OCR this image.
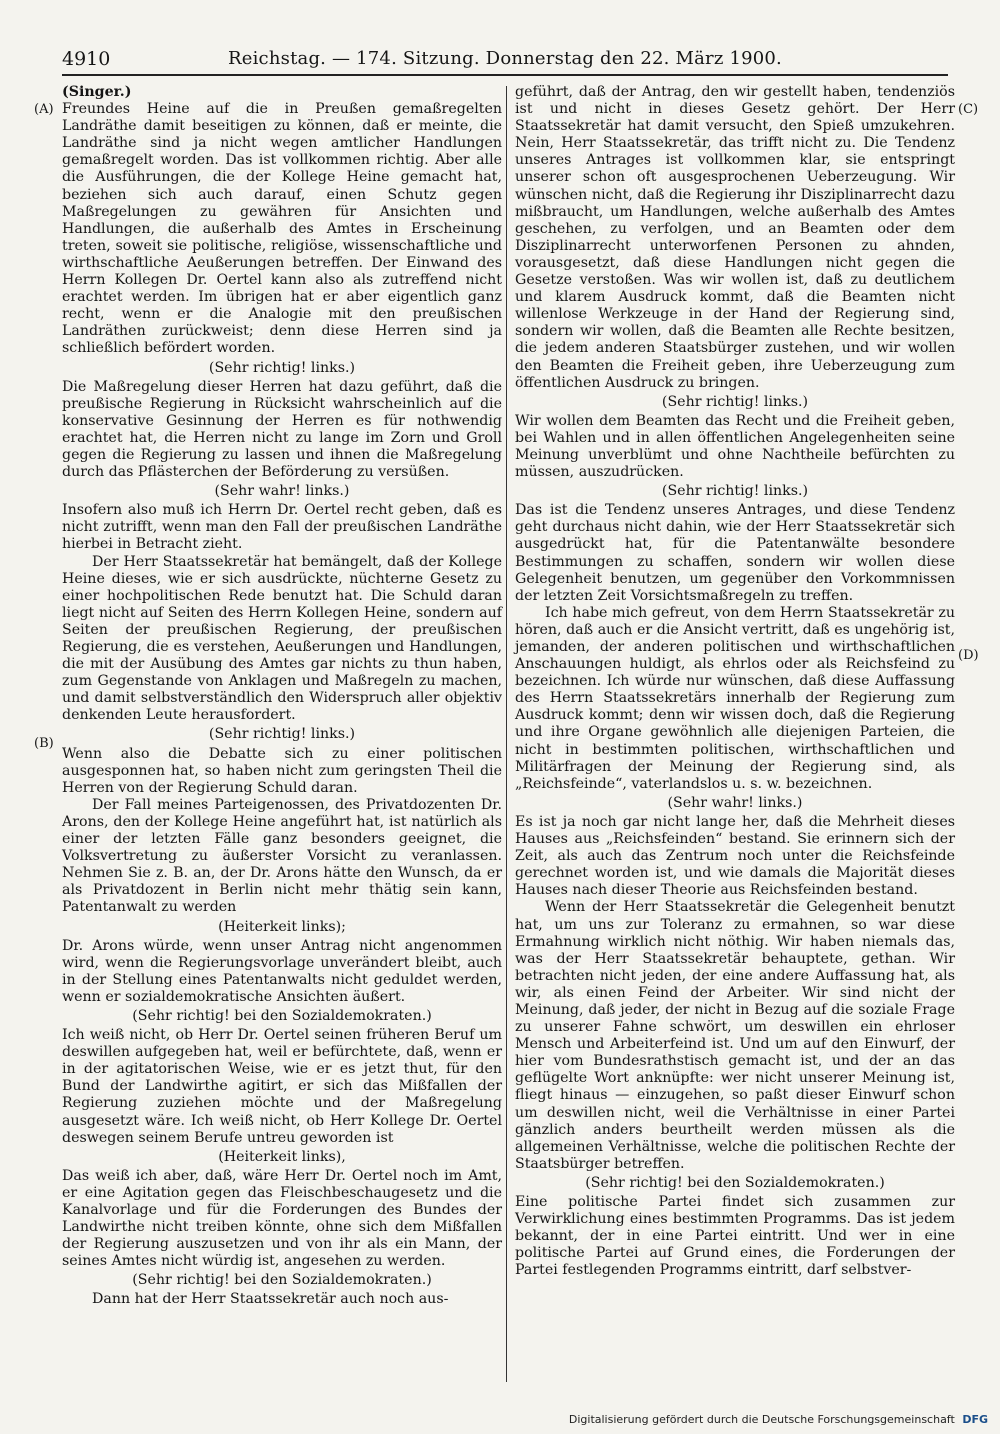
4910	Reichstag. — 174. Sitzung. Donnerstag den 22. März 1900.
(A)
(B)
(C)
(D)

(Singer.)

Freundes Heine auf die in Preußen gemaßregelten Landräthe damit beseitigen zu können, daß er meinte, die Landräthe sind ja nicht wegen amtlicher Handlungen gemaßregelt worden. Das ist vollkommen richtig. Aber alle die Ausführungen, die der Kollege Heine gemacht hat, beziehen sich auch darauf, einen Schutz gegen Maßregelungen zu gewähren für Ansichten und Handlungen, die außerhalb des Amtes in Erscheinung treten, soweit sie politische, religiöse, wissenschaftliche und wirthschaftliche Aeußerungen betreffen. Der Einwand des Herrn Kollegen Dr. Oertel kann also als zutreffend nicht erachtet werden. Im übrigen hat er aber eigentlich ganz recht, wenn er die Analogie mit den preußischen Landräthen zurückweist; denn diese Herren sind ja schließlich befördert worden.

(Sehr richtig! links.)

Die Maßregelung dieser Herren hat dazu geführt, daß die preußische Regierung in Rücksicht wahrscheinlich auf die konservative Gesinnung der Herren es für nothwendig erachtet hat, die Herren nicht zu lange im Zorn und Groll gegen die Regierung zu lassen und ihnen die Maßregelung durch das Pflästerchen der Beförderung zu versüßen.

(Sehr wahr! links.)

Insofern also muß ich Herrn Dr. Oertel recht geben, daß es nicht zutrifft, wenn man den Fall der preußischen Landräthe hierbei in Betracht zieht.

Der Herr Staatssekretär hat bemängelt, daß der Kollege Heine dieses, wie er sich ausdrückte, nüchterne Gesetz zu einer hochpolitischen Rede benutzt hat. Die Schuld daran liegt nicht auf Seiten des Herrn Kollegen Heine, sondern auf Seiten der preußischen Regierung, der preußischen Regierung, die es verstehen, Aeußerungen und Handlungen, die mit der Ausübung des Amtes gar nichts zu thun haben, zum Gegenstande von Anklagen und Maßregeln zu machen, und damit selbstverständlich den Widerspruch aller objektiv denkenden Leute herausfordert.

(Sehr richtig! links.)

Wenn also die Debatte sich zu einer politischen ausgesponnen hat, so haben nicht zum geringsten Theil die Herren von der Regierung Schuld daran.

Der Fall meines Parteigenossen, des Privatdozenten Dr. Arons, den der Kollege Heine angeführt hat, ist natürlich als einer der letzten Fälle ganz besonders geeignet, die Volksvertretung zu äußerster Vorsicht zu veranlassen. Nehmen Sie z. B. an, der Dr. Arons hätte den Wunsch, da er als Privatdozent in Berlin nicht mehr thätig sein kann, Patentanwalt zu werden

(Heiterkeit links);

Dr. Arons würde, wenn unser Antrag nicht angenommen wird, wenn die Regierungsvorlage unverändert bleibt, auch in der Stellung eines Patentanwalts nicht geduldet werden, wenn er sozialdemokratische Ansichten äußert.

(Sehr richtig! bei den Sozialdemokraten.)

Ich weiß nicht, ob Herr Dr. Oertel seinen früheren Beruf um deswillen aufgegeben hat, weil er befürchtete, daß, wenn er in der agitatorischen Weise, wie er es jetzt thut, für den Bund der Landwirthe agitirt, er sich das Mißfallen der Regierung zuziehen möchte und der Maßregelung ausgesetzt wäre. Ich weiß nicht, ob Herr Kollege Dr. Oertel deswegen seinem Berufe untreu geworden ist

(Heiterkeit links),

Das weiß ich aber, daß, wäre Herr Dr. Oertel noch im Amt, er eine Agitation gegen das Fleischbeschaugesetz und die Kanalvorlage und für die Forderungen des Bundes der Landwirthe nicht treiben könnte, ohne sich dem Mißfallen der Regierung auszusetzen und von ihr als ein Mann, der seines Amtes nicht würdig ist, angesehen zu werden.

(Sehr richtig! bei den Sozialdemokraten.)

Dann hat der Herr Staatssekretär auch noch aus-

geführt, daß der Antrag, den wir gestellt haben, tendenziös ist und nicht in dieses Gesetz gehört. Der Herr Staatssekretär hat damit versucht, den Spieß umzukehren. Nein, Herr Staatssekretär, das trifft nicht zu. Die Tendenz unseres Antrages ist vollkommen klar, sie entspringt unserer schon oft ausgesprochenen Ueberzeugung. Wir wünschen nicht, daß die Regierung ihr Disziplinarrecht dazu mißbraucht, um Handlungen, welche außerhalb des Amtes geschehen, zu verfolgen, und an Beamten oder dem Disziplinarrecht unterworfenen Personen zu ahnden, vorausgesetzt, daß diese Handlungen nicht gegen die Gesetze verstoßen. Was wir wollen ist, daß zu deutlichem und klarem Ausdruck kommt, daß die Beamten nicht willenlose Werkzeuge in der Hand der Regierung sind, sondern wir wollen, daß die Beamten alle Rechte besitzen, die jedem anderen Staatsbürger zustehen, und wir wollen den Beamten die Freiheit geben, ihre Ueberzeugung zum öffentlichen Ausdruck zu bringen.

(Sehr richtig! links.)

Wir wollen dem Beamten das Recht und die Freiheit geben, bei Wahlen und in allen öffentlichen Angelegenheiten seine Meinung unverblümt und ohne Nachtheile befürchten zu müssen, auszudrücken.

(Sehr richtig! links.)

Das ist die Tendenz unseres Antrages, und diese Tendenz geht durchaus nicht dahin, wie der Herr Staatssekretär sich ausgedrückt hat, für die Patentanwälte besondere Bestimmungen zu schaffen, sondern wir wollen diese Gelegenheit benutzen, um gegenüber den Vorkommnissen der letzten Zeit Vorsichtsmaßregeln zu treffen.

Ich habe mich gefreut, von dem Herrn Staatssekretär zu hören, daß auch er die Ansicht vertritt, daß es ungehörig ist, jemanden, der anderen politischen und wirthschaftlichen Anschauungen huldigt, als ehrlos oder als Reichsfeind zu bezeichnen. Ich würde nur wünschen, daß diese Auffassung des Herrn Staatssekretärs innerhalb der Regierung zum Ausdruck kommt; denn wir wissen doch, daß die Regierung und ihre Organe gewöhnlich alle diejenigen Parteien, die nicht in bestimmten politischen, wirthschaftlichen und Militärfragen der Meinung der Regierung sind, als „Reichsfeinde“, vaterlandslos u. s. w. bezeichnen.

(Sehr wahr! links.)

Es ist ja noch gar nicht lange her, daß die Mehrheit dieses Hauses aus „Reichsfeinden“ bestand. Sie erinnern sich der Zeit, als auch das Zentrum noch unter die Reichsfeinde gerechnet worden ist, und wie damals die Majorität dieses Hauses nach dieser Theorie aus Reichsfeinden bestand.

Wenn der Herr Staatssekretär die Gelegenheit benutzt hat, um uns zur Toleranz zu ermahnen, so war diese Ermahnung wirklich nicht nöthig. Wir haben niemals das, was der Herr Staatssekretär behauptete, gethan. Wir betrachten nicht jeden, der eine andere Auffassung hat, als wir, als einen Feind der Arbeiter. Wir sind nicht der Meinung, daß jeder, der nicht in Bezug auf die soziale Frage zu unserer Fahne schwört, um deswillen ein ehrloser Mensch und Arbeiterfeind ist. Und um auf den Einwurf, der hier vom Bundesrathstisch gemacht ist, und der an das geflügelte Wort anknüpfte: wer nicht unserer Meinung ist, fliegt hinaus — einzugehen, so paßt dieser Einwurf schon um deswillen nicht, weil die Verhältnisse in einer Partei gänzlich anders beurtheilt werden müssen als die allgemeinen Verhältnisse, welche die politischen Rechte der Staatsbürger betreffen.

(Sehr richtig! bei den Sozialdemokraten.)

Eine politische Partei findet sich zusammen zur Verwirklichung eines bestimmten Programms. Das ist jedem bekannt, der in eine Partei eintritt. Und wer in eine politische Partei auf Grund eines, die Forderungen der Partei festlegenden Programms eintritt, darf selbstver-

Digitalisierung gefördert durch die Deutsche Forschungsgemeinschaft DFG
